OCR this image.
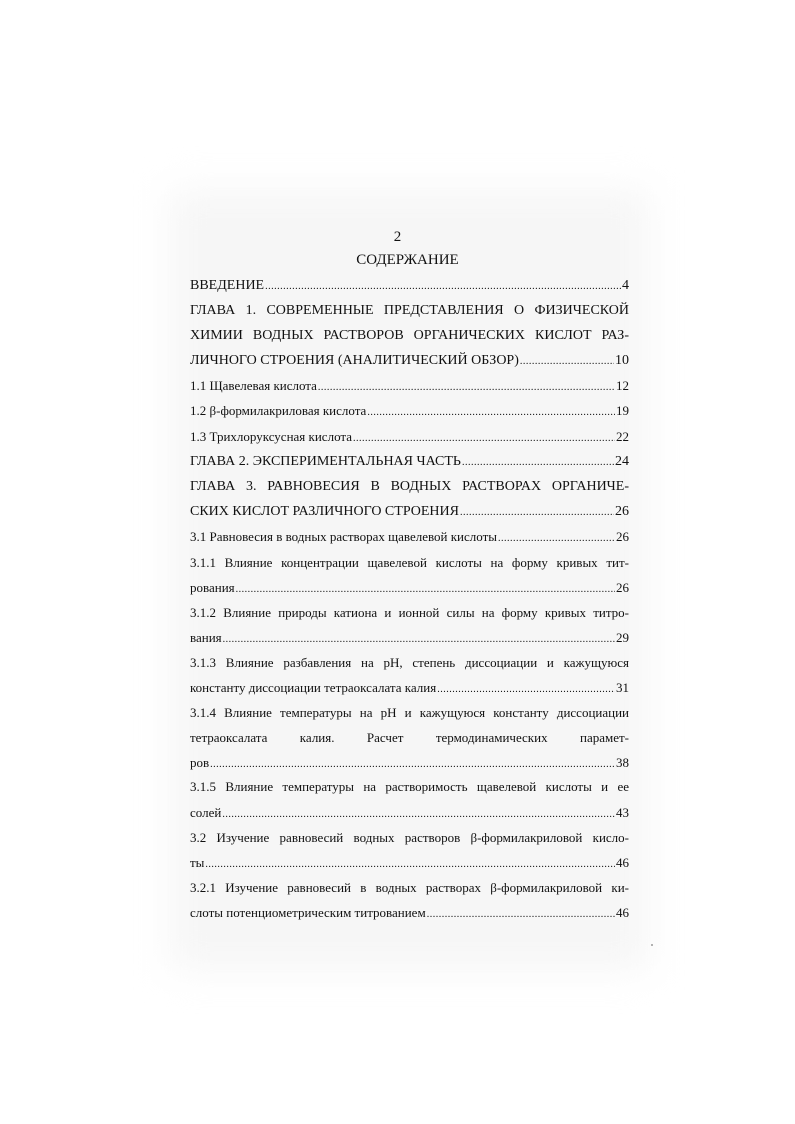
2
СОДЕРЖАНИЕ
ВВЕДЕНИЕ .....	4
ГЛАВА 1. СОВРЕМЕННЫЕ ПРЕДСТАВЛЕНИЯ О ФИЗИЧЕСКОЙ
ХИМИИ ВОДНЫХ РАСТВОРОВ ОРГАНИЧЕСКИХ КИСЛОТ РАЗ-
ЛИЧНОГО СТРОЕНИЯ (АНАЛИТИЧЕСКИЙ ОБЗОР) .....	10
1.1 Щавелевая кислота .....	12
1.2 β-формилакриловая кислота .....	19
1.3 Трихлоруксусная кислота .....	22
ГЛАВА 2. ЭКСПЕРИМЕНТАЛЬНАЯ ЧАСТЬ .....	24
ГЛАВА 3. РАВНОВЕСИЯ В ВОДНЫХ РАСТВОРАХ ОРГАНИЧЕ-
СКИХ КИСЛОТ РАЗЛИЧНОГО СТРОЕНИЯ .....	26
3.1 Равновесия в водных растворах щавелевой кислоты .....	26
3.1.1 Влияние концентрации щавелевой кислоты на форму кривых тит-
рования .....	26
3.1.2 Влияние природы катиона и ионной силы на форму кривых титро-
вания .....	29
3.1.3 Влияние разбавления на pH, степень диссоциации и кажущуюся
константу диссоциации тетраоксалата калия .....	31
3.1.4 Влияние температуры на pH и кажущуюся константу диссоциации
тетраоксалата калия. Расчет термодинамических парамет-
ров .....	38
3.1.5 Влияние температуры на растворимость щавелевой кислоты и ее
солей .....	43
3.2 Изучение равновесий водных растворов β-формилакриловой кисло-
ты .....	46
3.2.1 Изучение равновесий в водных растворах β-формилакриловой ки-
слоты потенциометрическим титрованием .....	46
